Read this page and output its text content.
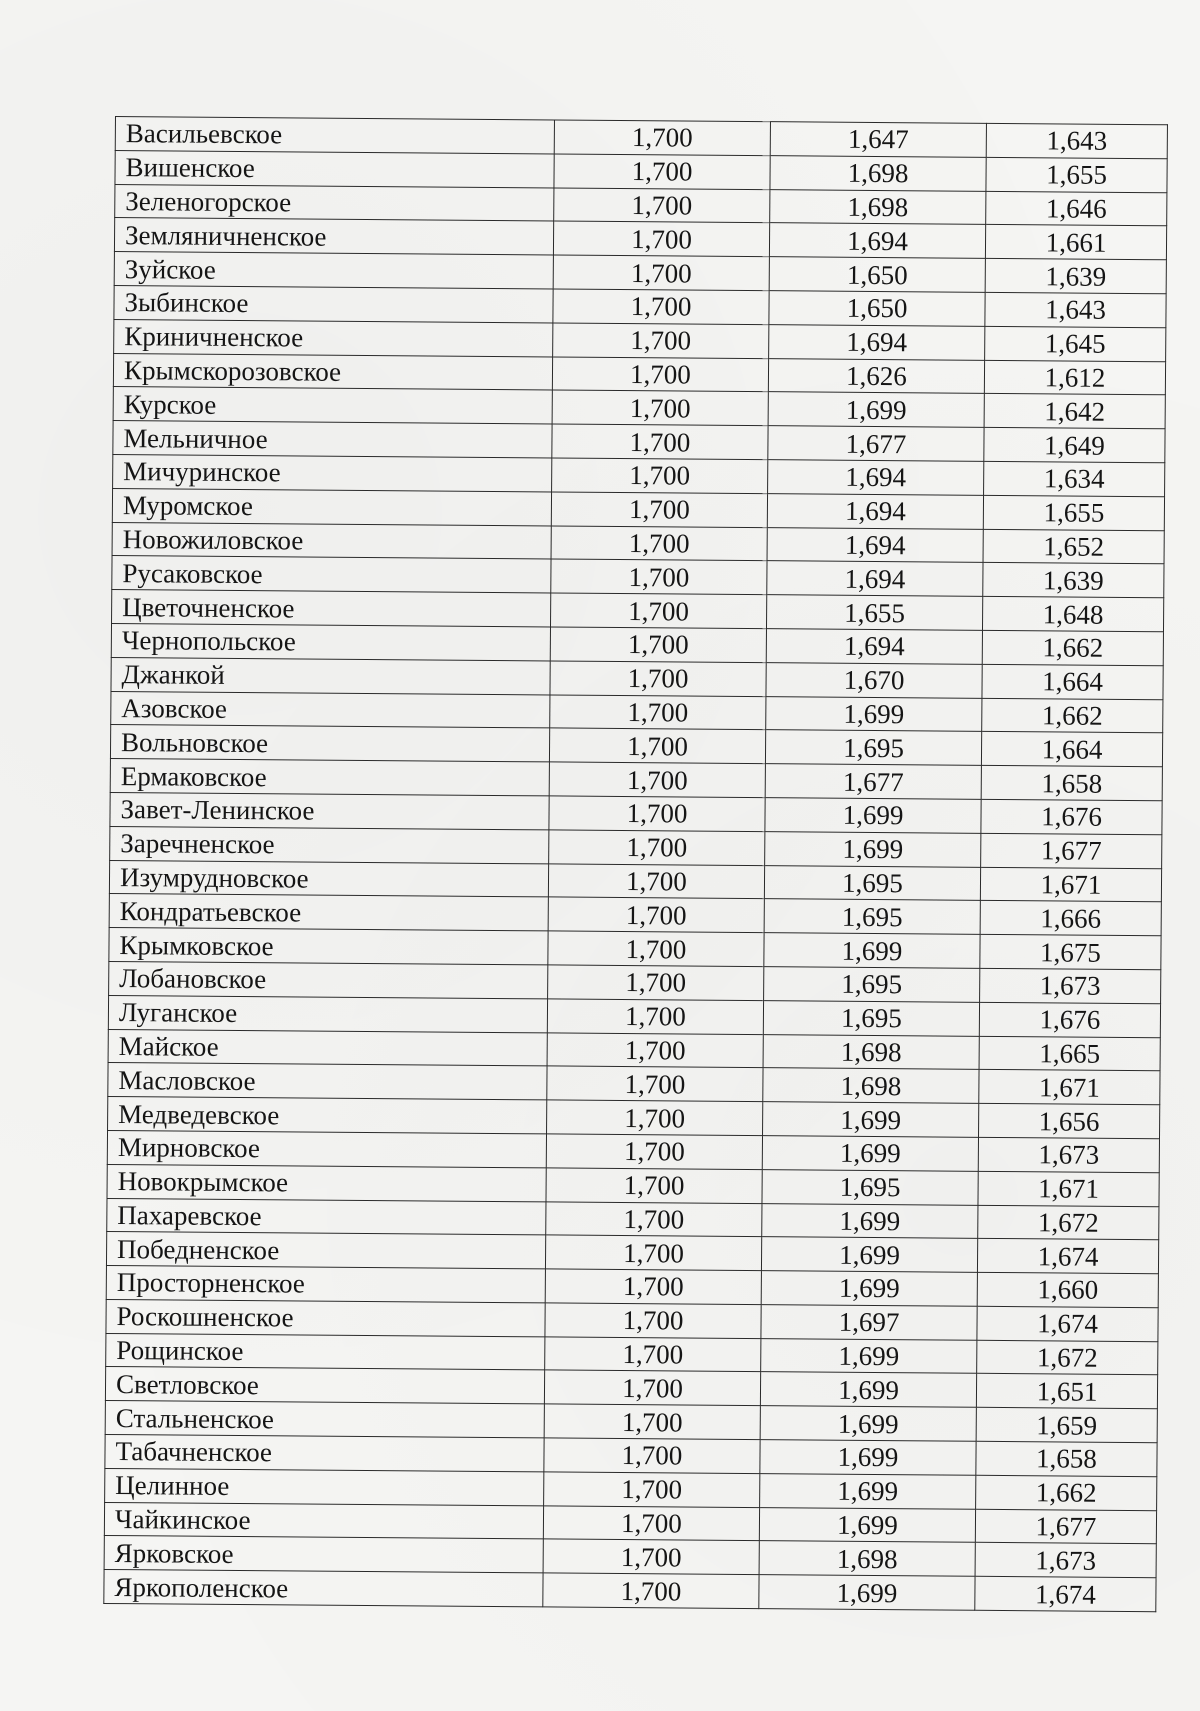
Васильевское	1,700	1,647	1,643
Вишенское	1,700	1,698	1,655
Зеленогорское	1,700	1,698	1,646
Земляничненское	1,700	1,694	1,661
Зуйское	1,700	1,650	1,639
Зыбинское	1,700	1,650	1,643
Криничненское	1,700	1,694	1,645
Крымскорозовское	1,700	1,626	1,612
Курское	1,700	1,699	1,642
Мельничное	1,700	1,677	1,649
Мичуринское	1,700	1,694	1,634
Муромское	1,700	1,694	1,655
Новожиловское	1,700	1,694	1,652
Русаковское	1,700	1,694	1,639
Цветочненское	1,700	1,655	1,648
Чернопольское	1,700	1,694	1,662
Джанкой	1,700	1,670	1,664
Азовское	1,700	1,699	1,662
Вольновское	1,700	1,695	1,664
Ермаковское	1,700	1,677	1,658
Завет-Ленинское	1,700	1,699	1,676
Заречненское	1,700	1,699	1,677
Изумрудновское	1,700	1,695	1,671
Кондратьевское	1,700	1,695	1,666
Крымковское	1,700	1,699	1,675
Лобановское	1,700	1,695	1,673
Луганское	1,700	1,695	1,676
Майское	1,700	1,698	1,665
Масловское	1,700	1,698	1,671
Медведевское	1,700	1,699	1,656
Мирновское	1,700	1,699	1,673
Новокрымское	1,700	1,695	1,671
Пахаревское	1,700	1,699	1,672
Победненское	1,700	1,699	1,674
Просторненское	1,700	1,699	1,660
Роскошненское	1,700	1,697	1,674
Рощинское	1,700	1,699	1,672
Светловское	1,700	1,699	1,651
Стальненское	1,700	1,699	1,659
Табачненское	1,700	1,699	1,658
Целинное	1,700	1,699	1,662
Чайкинское	1,700	1,699	1,677
Ярковское	1,700	1,698	1,673
Яркополенское	1,700	1,699	1,674
